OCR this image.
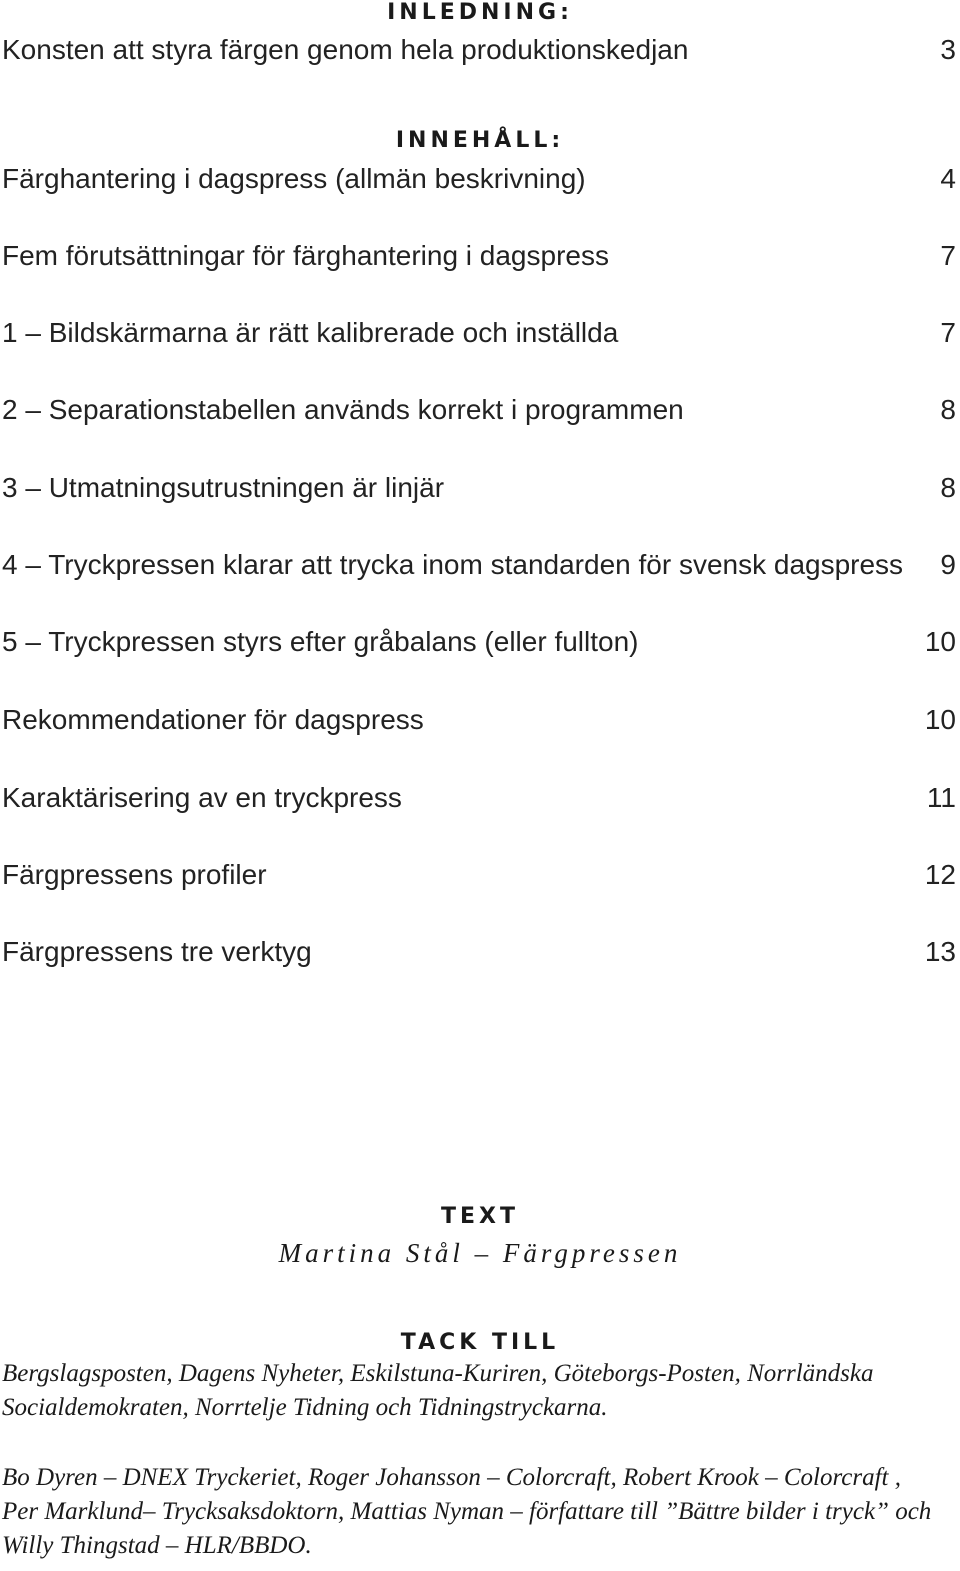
INLEDNING:
Konsten att styra färgen genom hela produktionskedjan	3
INNEHÅLL:
Färghantering i dagspress (allmän beskrivning)	4
Fem förutsättningar för färghantering i dagspress	7
1 – Bildskärmarna är rätt kalibrerade och inställda	7
2 – Separationstabellen används korrekt i programmen	8
3 – Utmatningsutrustningen är linjär	8
4 – Tryckpressen klarar att trycka inom standarden för svensk dagspress 9
5 – Tryckpressen styrs efter gråbalans (eller fullton)	10
Rekommendationer för dagspress	10
Karaktärisering av en tryckpress	11
Färgpressens profiler	12
Färgpressens tre verktyg	13
TEXT
Martina Stål – Färgpressen
TACK TILL
Bergslagsposten, Dagens Nyheter, Eskilstuna-Kuriren, Göteborgs-Posten, Norrländska Socialdemokraten, Norrtelje Tidning och Tidningstryckarna.
Bo Dyren – DNEX Tryckeriet, Roger Johansson – Colorcraft, Robert Krook – Colorcraft , Per Marklund– Trycksaksdoktorn, Mattias Nyman – författare till ”Bättre bilder i tryck” och Willy Thingstad – HLR/BBDO.
